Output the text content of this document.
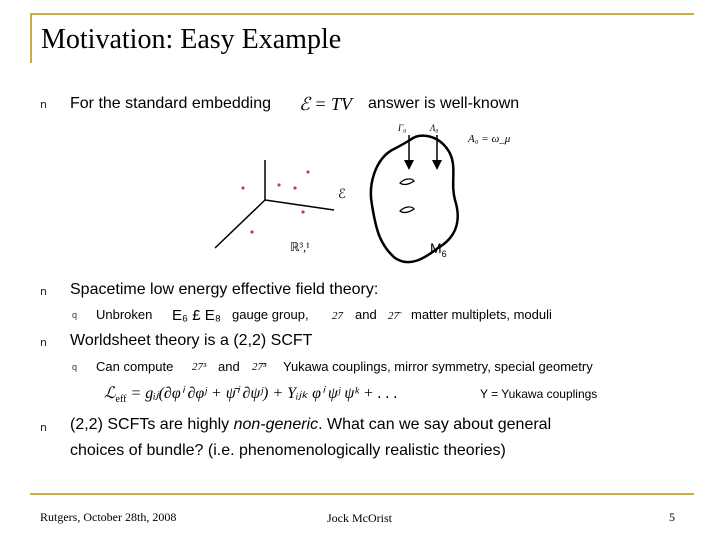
Motivation: Easy Example
n For the standard embedding ℰ = TV answer is well-known
Γ₀	Λ₀
A₀ = ω_μ
ℰ
ℝ³,¹	$M_6$
n Spacetime low energy effective field theory:
q Unbroken E₆ £ E₈ gauge group, 27 and 27̄ matter multiplets, moduli
n Worldsheet theory is a (2,2) SCFT
q Can compute 27³ and 27̄³ Yukawa couplings, mirror symmetry, special geometry
ℒ$_{eff}$ = gᵢⱼ(∂φⁱ ∂φʲ + ψ̄ⁱ ∂ψʲ) + Yᵢⱼₖ φⁱ ψʲ ψᵏ + . . .	Y = Yukawa couplings
n (2,2) SCFTs are highly non-generic. What can we say about general
choices of bundle? (i.e. phenomenologically realistic theories)
Rutgers, October 28th, 2008	Jock McOrist	5
